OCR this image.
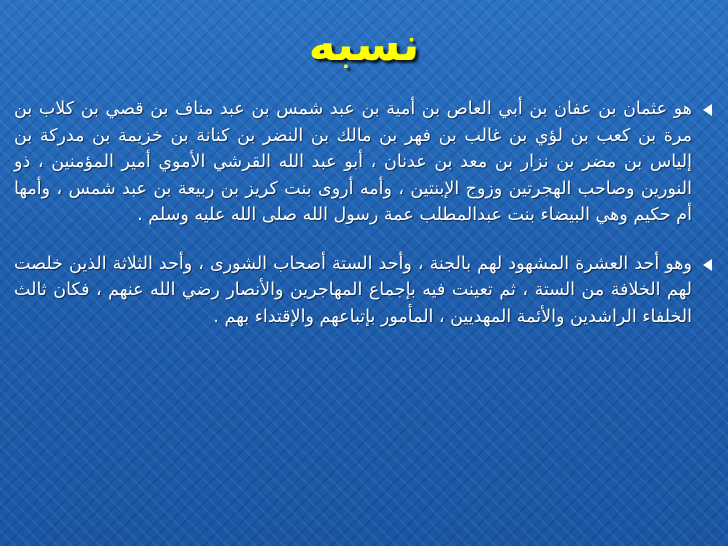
نسبه
هو عثمان بن عفان بن أبي العاص بن أمية بن عبد شمس بن عبد مناف بن قصي بن كلاب بن مرة بن كعب بن لؤي بن غالب بن فهر بن مالك بن النضر بن كنانة بن خزيمة بن مدركة بن إلياس بن مضر بن نزار بن معد بن عدنان ، أبو عبد الله القرشي الأموي أمير المؤمنين ، ذو النورين وصاحب الهجرتين وزوج الإبنتين ، وأمه أروى بنت كريز بن ربيعة بن عبد شمس ، وأمها أم حكيم وهي البيضاء بنت عبدالمطلب عمة رسول الله صلى الله عليه وسلم .
وهو أحد العشرة المشهود لهم بالجنة ، وأحد الستة أصحاب الشورى ، وأحد الثلاثة الذين خلصت لهم الخلافة من الستة ، ثم تعينت فيه بإجماع المهاجرين والأنصار رضي الله عنهم ، فكان ثالث الخلفاء الراشدين والأئمة المهديين ، المأمور بإتباعهم والإقتداء بهم .
